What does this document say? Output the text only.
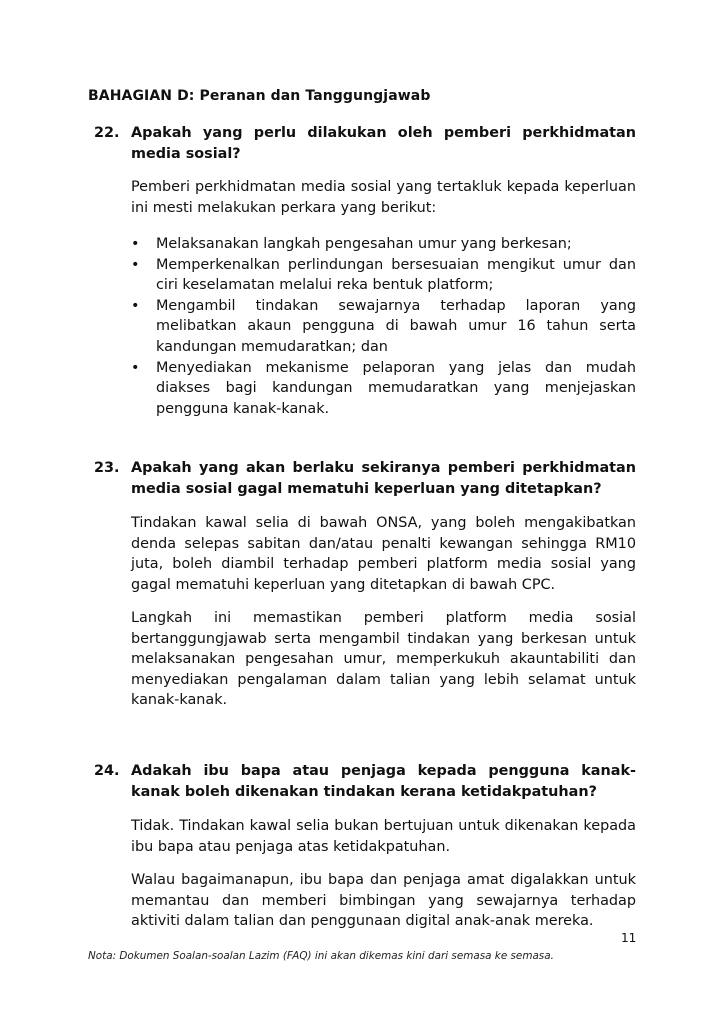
BAHAGIAN D: Peranan dan Tanggungjawab
22. Apakah yang perlu dilakukan oleh pemberi perkhidmatan media sosial?
Pemberi perkhidmatan media sosial yang tertakluk kepada keperluan ini mesti melakukan perkara yang berikut:
• Melaksanakan langkah pengesahan umur yang berkesan;
• Memperkenalkan perlindungan bersesuaian mengikut umur dan ciri keselamatan melalui reka bentuk platform;
• Mengambil tindakan sewajarnya terhadap laporan yang melibatkan akaun pengguna di bawah umur 16 tahun serta kandungan memudaratkan; dan
• Menyediakan mekanisme pelaporan yang jelas dan mudah diakses bagi kandungan memudaratkan yang menjejaskan pengguna kanak-kanak.
23. Apakah yang akan berlaku sekiranya pemberi perkhidmatan media sosial gagal mematuhi keperluan yang ditetapkan?
Tindakan kawal selia di bawah ONSA, yang boleh mengakibatkan denda selepas sabitan dan/atau penalti kewangan sehingga RM10 juta, boleh diambil terhadap pemberi platform media sosial yang gagal mematuhi keperluan yang ditetapkan di bawah CPC.
Langkah ini memastikan pemberi platform media sosial bertanggungjawab serta mengambil tindakan yang berkesan untuk melaksanakan pengesahan umur, memperkukuh akauntabiliti dan menyediakan pengalaman dalam talian yang lebih selamat untuk kanak-kanak.
24. Adakah ibu bapa atau penjaga kepada pengguna kanak-kanak boleh dikenakan tindakan kerana ketidakpatuhan?
Tidak. Tindakan kawal selia bukan bertujuan untuk dikenakan kepada ibu bapa atau penjaga atas ketidakpatuhan.
Walau bagaimanapun, ibu bapa dan penjaga amat digalakkan untuk memantau dan memberi bimbingan yang sewajarnya terhadap aktiviti dalam talian dan penggunaan digital anak-anak mereka.
11
Nota: Dokumen Soalan-soalan Lazim (FAQ) ini akan dikemas kini dari semasa ke semasa.
